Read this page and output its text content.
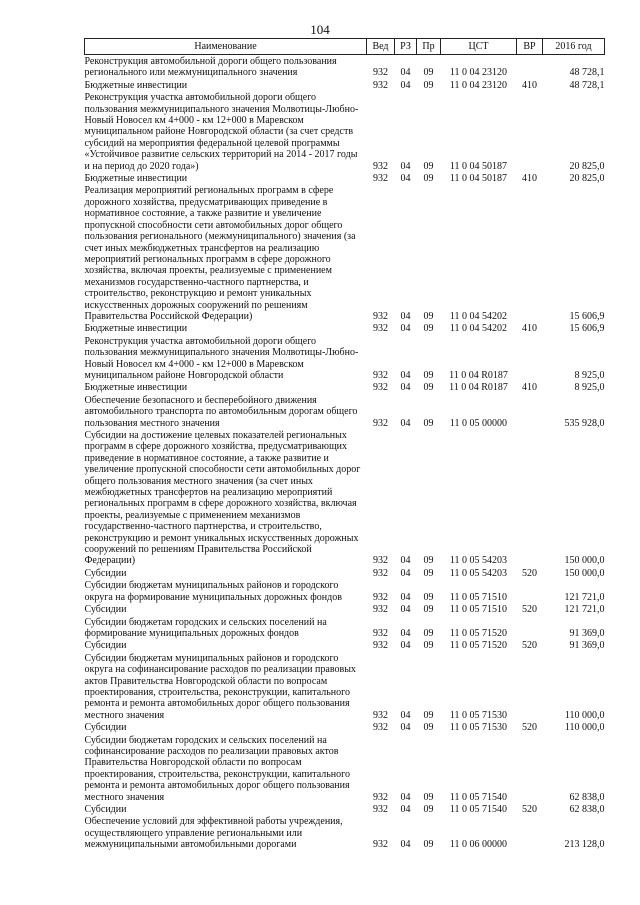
104
Наименование	Вед	РЗ	Пр	ЦСТ	ВР	2016 год
Реконструкция автомобильной дороги общего пользования регионального или межмуниципального значения	932	04	09	11 0 04 23120		48 728,1
Бюджетные инвестиции	932	04	09	11 0 04 23120	410	48 728,1
Реконструкция участка автомобильной дороги общего пользования межмуниципального значения Молвотицы-Любно-Новый Новосел км 4+000 - км 12+000 в Маревском муниципальном районе Новгородской области (за счет средств субсидий на мероприятия федеральной целевой программы «Устойчивое развитие сельских территорий на 2014 - 2017 годы и на период до 2020 года»)	932	04	09	11 0 04 50187		20 825,0
Бюджетные инвестиции	932	04	09	11 0 04 50187	410	20 825,0
Реализация мероприятий региональных программ в сфере дорожного хозяйства, предусматривающих приведение в нормативное состояние, а также развитие и увеличение пропускной способности сети автомобильных дорог общего пользования регионального (межмуниципального) значения (за счет иных межбюджетных трансфертов на реализацию мероприятий региональных программ в сфере дорожного хозяйства, включая проекты, реализуемые с применением механизмов государственно-частного партнерства, и строительство, реконструкцию и ремонт уникальных искусственных дорожных сооружений по решениям Правительства Российской Федерации)	932	04	09	11 0 04 54202		15 606,9
Бюджетные инвестиции	932	04	09	11 0 04 54202	410	15 606,9
Реконструкция участка автомобильной дороги общего пользования межмуниципального значения Молвотицы-Любно-Новый Новосел км 4+000 - км 12+000 в Маревском муниципальном районе Новгородской области	932	04	09	11 0 04 R0187		8 925,0
Бюджетные инвестиции	932	04	09	11 0 04 R0187	410	8 925,0
Обеспечение безопасного и бесперебойного движения автомобильного транспорта по автомобильным дорогам общего пользования местного значения	932	04	09	11 0 05 00000		535 928,0
Субсидии на достижение целевых показателей региональных программ в сфере дорожного хозяйства, предусматривающих приведение в нормативное состояние, а также развитие и увеличение пропускной способности сети автомобильных дорог общего пользования местного значения (за счет иных межбюджетных трансфертов на реализацию мероприятий региональных программ в сфере дорожного хозяйства, включая проекты, реализуемые с применением механизмов государственно-частного партнерства, и строительство, реконструкцию и ремонт уникальных искусственных дорожных сооружений по решениям Правительства Российской Федерации)	932	04	09	11 0 05 54203		150 000,0
Субсидии	932	04	09	11 0 05 54203	520	150 000,0
Субсидии бюджетам муниципальных районов и городского округа на формирование муниципальных дорожных фондов	932	04	09	11 0 05 71510		121 721,0
Субсидии	932	04	09	11 0 05 71510	520	121 721,0
Субсидии бюджетам городских и сельских поселений на формирование муниципальных дорожных фондов	932	04	09	11 0 05 71520		91 369,0
Субсидии	932	04	09	11 0 05 71520	520	91 369,0
Субсидии бюджетам муниципальных районов и городского округа на софинансирование расходов по реализации правовых актов Правительства Новгородской области по вопросам проектирования, строительства, реконструкции, капитального ремонта и ремонта автомобильных дорог общего пользования местного значения	932	04	09	11 0 05 71530		110 000,0
Субсидии	932	04	09	11 0 05 71530	520	110 000,0
Субсидии бюджетам городских и сельских поселений на софинансирование расходов по реализации правовых актов Правительства Новгородской области по вопросам проектирования, строительства, реконструкции, капитального ремонта и ремонта автомобильных дорог общего пользования местного значения	932	04	09	11 0 05 71540		62 838,0
Субсидии	932	04	09	11 0 05 71540	520	62 838,0
Обеспечение условий для эффективной работы учреждения, осуществляющего управление региональными или межмуниципальными автомобильными дорогами	932	04	09	11 0 06 00000		213 128,0
